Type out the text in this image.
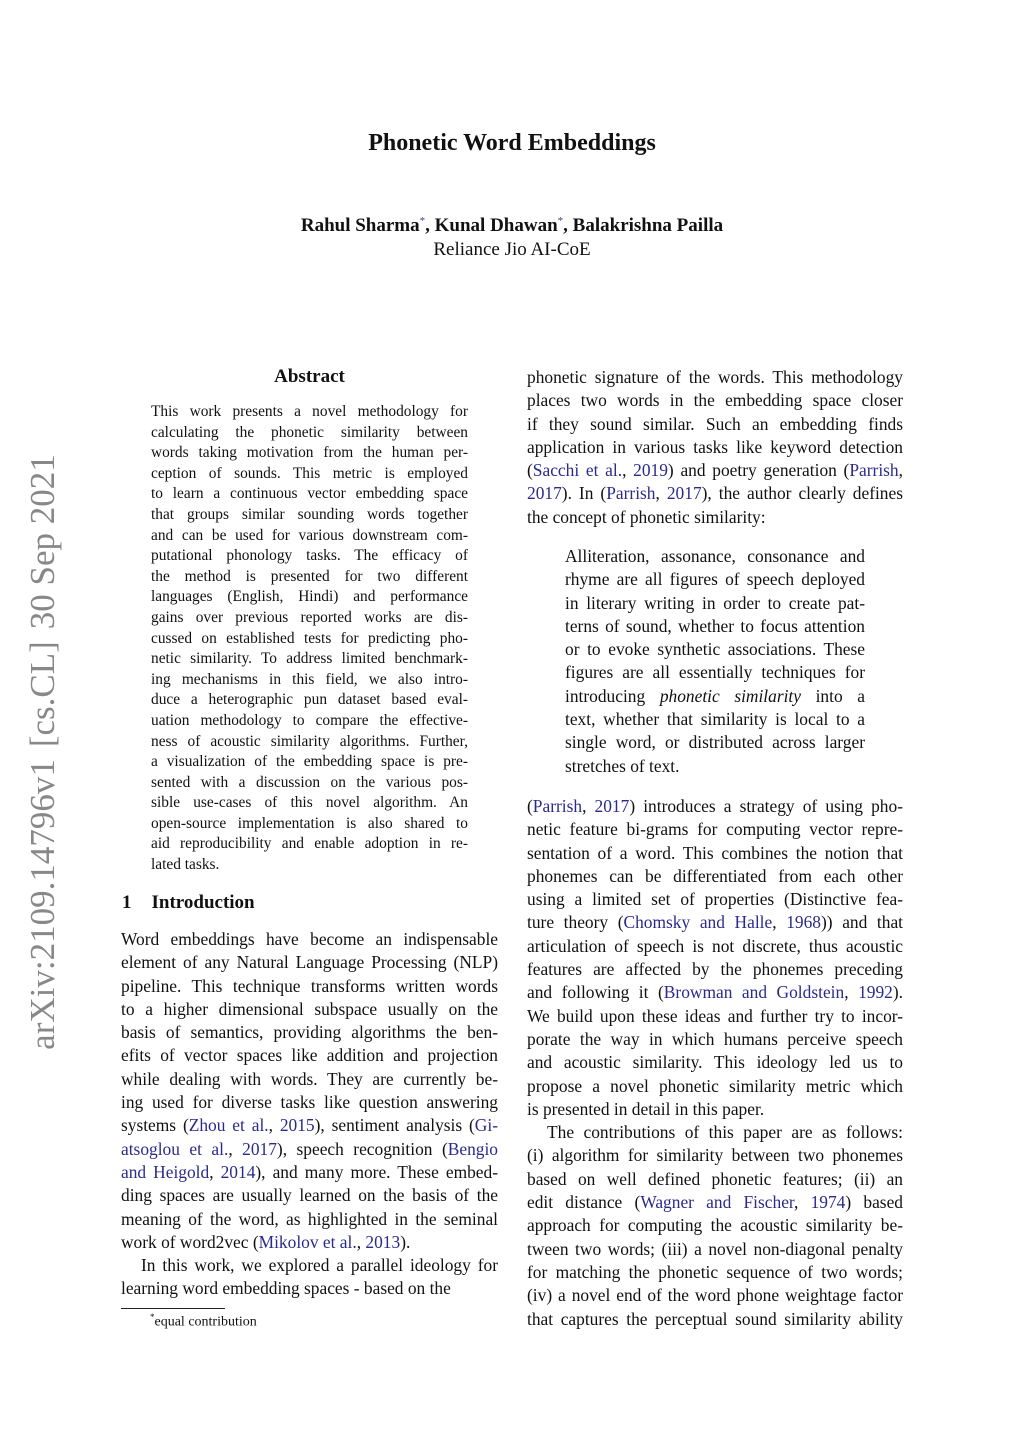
arXiv:2109.14796v1[cs.CL]30 Sep 2021
Phonetic Word Embeddings
Rahul Sharma*, Kunal Dhawan*, Balakrishna Pailla
Reliance Jio AI-CoE
Abstract
This work presents a novel methodology for
calculating the phonetic similarity between
words taking motivation from the human per-
ception of sounds. This metric is employed
to learn a continuous vector embedding space
that groups similar sounding words together
and can be used for various downstream com-
putational phonology tasks. The efficacy of
the method is presented for two different
languages (English, Hindi) and performance
gains over previous reported works are dis-
cussed on established tests for predicting pho-
netic similarity. To address limited benchmark-
ing mechanisms in this field, we also intro-
duce a heterographic pun dataset based eval-
uation methodology to compare the effective-
ness of acoustic similarity algorithms. Further,
a visualization of the embedding space is pre-
sented with a discussion on the various pos-
sible use-cases of this novel algorithm. An
open-source implementation is also shared to
aid reproducibility and enable adoption in re-
lated tasks.
1 Introduction
Word embeddings have become an indispensable
element of any Natural Language Processing (NLP)
pipeline. This technique transforms written words
to a higher dimensional subspace usually on the
basis of semantics, providing algorithms the ben-
efits of vector spaces like addition and projection
while dealing with words. They are currently be-
ing used for diverse tasks like question answering
systems (Zhou et al., 2015), sentiment analysis (Gi-
atsoglou et al., 2017), speech recognition (Bengio
and Heigold, 2014), and many more. These embed-
ding spaces are usually learned on the basis of the
meaning of the word, as highlighted in the seminal
work of word2vec (Mikolov et al., 2013).
In this work, we explored a parallel ideology for
learning word embedding spaces - based on the
phonetic signature of the words. This methodology
places two words in the embedding space closer
if they sound similar. Such an embedding finds
application in various tasks like keyword detection
(Sacchi et al., 2019) and poetry generation (Parrish,
2017). In (Parrish, 2017), the author clearly defines
the concept of phonetic similarity:
Alliteration, assonance, consonance and
rhyme are all figures of speech deployed
in literary writing in order to create pat-
terns of sound, whether to focus attention
or to evoke synthetic associations. These
figures are all essentially techniques for
introducing phonetic similarity into a
text, whether that similarity is local to a
single word, or distributed across larger
stretches of text.
(Parrish, 2017) introduces a strategy of using pho-
netic feature bi-grams for computing vector repre-
sentation of a word. This combines the notion that
phonemes can be differentiated from each other
using a limited set of properties (Distinctive fea-
ture theory (Chomsky and Halle, 1968)) and that
articulation of speech is not discrete, thus acoustic
features are affected by the phonemes preceding
and following it (Browman and Goldstein, 1992).
We build upon these ideas and further try to incor-
porate the way in which humans perceive speech
and acoustic similarity. This ideology led us to
propose a novel phonetic similarity metric which
is presented in detail in this paper.
The contributions of this paper are as follows:
(i) algorithm for similarity between two phonemes
based on well defined phonetic features; (ii) an
edit distance (Wagner and Fischer, 1974) based
approach for computing the acoustic similarity be-
tween two words; (iii) a novel non-diagonal penalty
for matching the phonetic sequence of two words;
(iv) a novel end of the word phone weightage factor
that captures the perceptual sound similarity ability
*equal contribution
